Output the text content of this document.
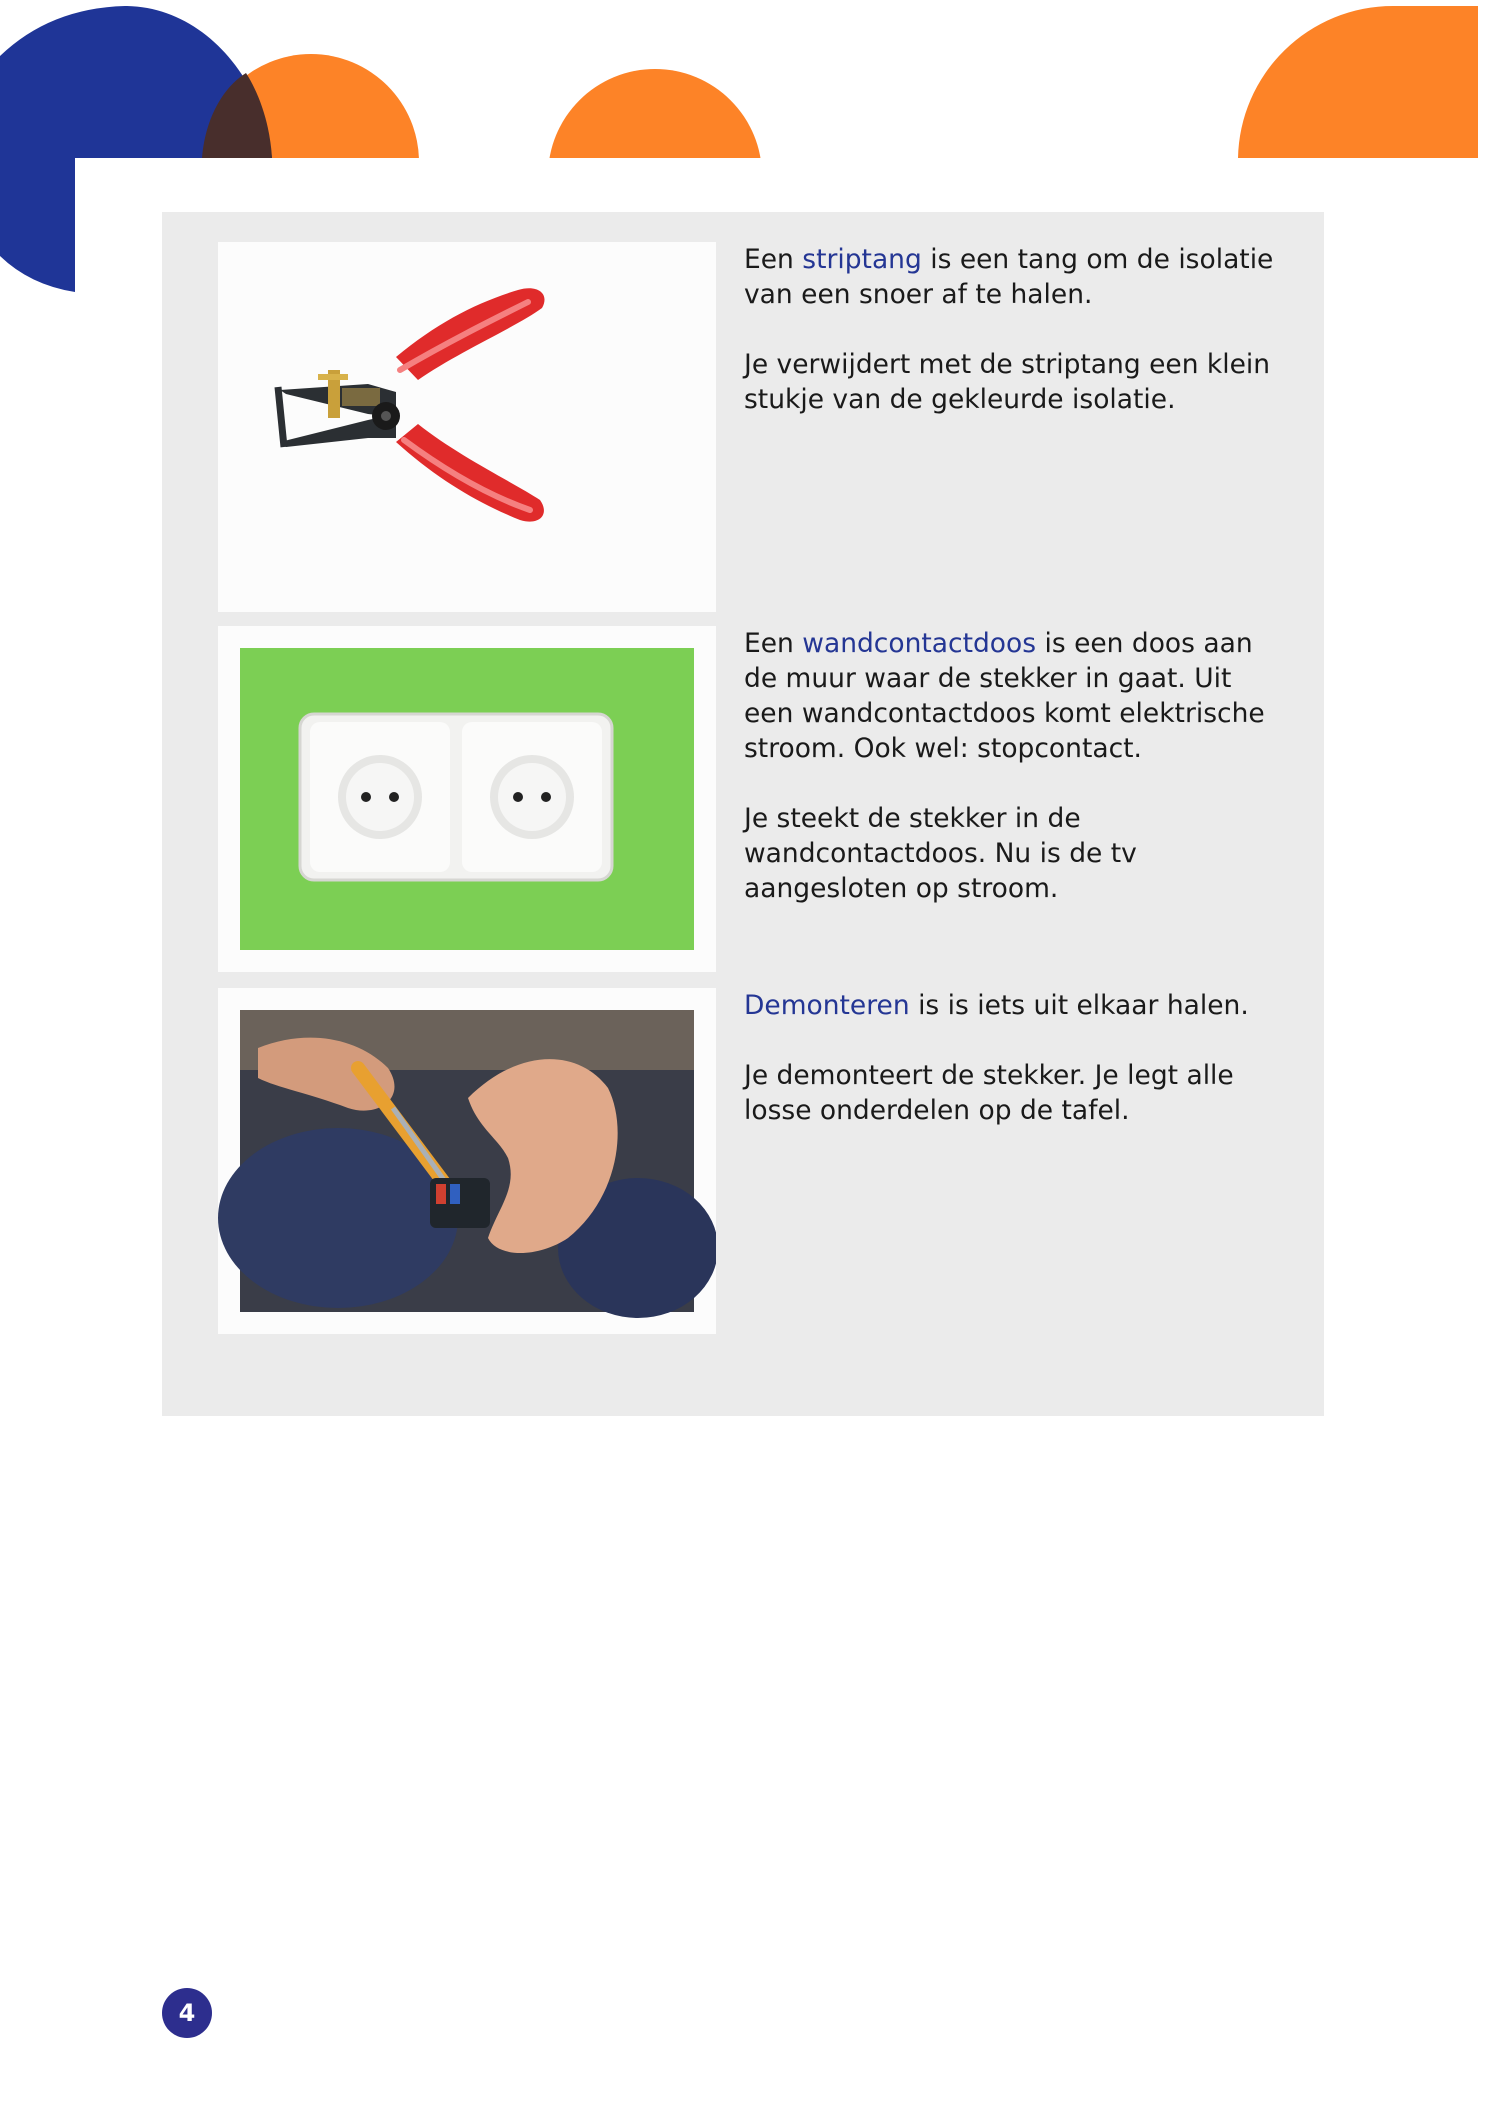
Een striptang is een tang om de isolatie van een snoer af te halen.

Je verwijdert met de striptang een klein stukje van de gekleurde isolatie.

Een wandcontactdoos is een doos aan de muur waar de stekker in gaat. Uit een wandcontactdoos komt elektrische stroom. Ook wel: stopcontact.

Je steekt de stekker in de wandcontactdoos. Nu is de tv aangesloten op stroom.

Demonteren is is iets uit elkaar halen.

Je demonteert de stekker. Je legt alle losse onderdelen op de tafel.

4
